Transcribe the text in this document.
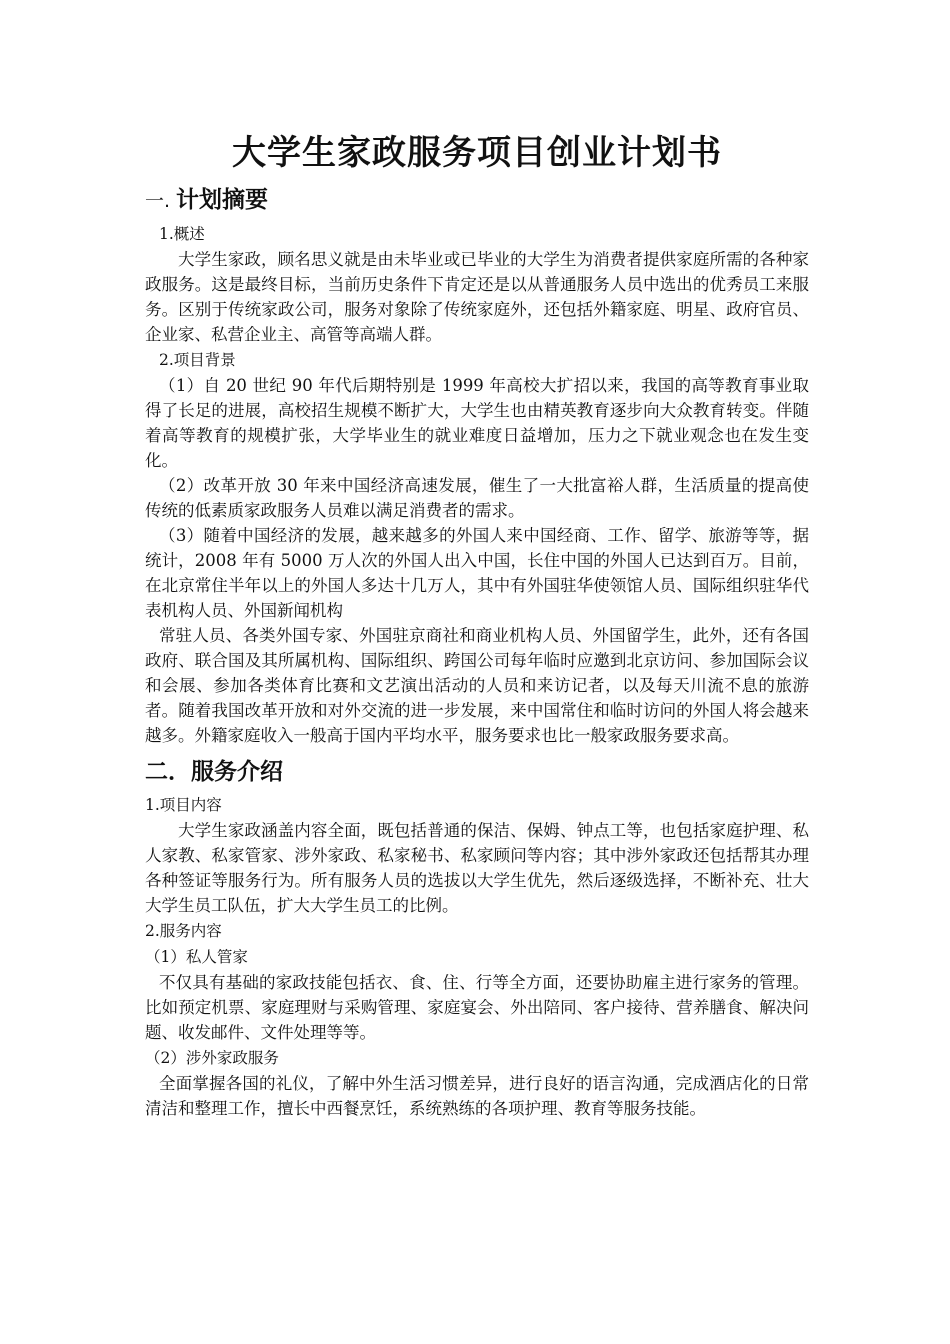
大学生家政服务项目创业计划书
一. 计划摘要
1.概述

大学生家政，顾名思义就是由未毕业或已毕业的大学生为消费者提供家庭所需的各种家政服务。这是最终目标，当前历史条件下肯定还是以从普通服务人员中选出的优秀员工来服务。区别于传统家政公司，服务对象除了传统家庭外，还包括外籍家庭、明星、政府官员、企业家、私营企业主、高管等高端人群。

2.项目背景

（1）自 20 世纪 90 年代后期特别是 1999 年高校大扩招以来，我国的高等教育事业取得了长足的进展，高校招生规模不断扩大，大学生也由精英教育逐步向大众教育转变。伴随着高等教育的规模扩张，大学毕业生的就业难度日益增加，压力之下就业观念也在发生变化。

（2）改革开放 30 年来中国经济高速发展，催生了一大批富裕人群，生活质量的提高使传统的低素质家政服务人员难以满足消费者的需求。

（3）随着中国经济的发展，越来越多的外国人来中国经商、工作、留学、旅游等等，据统计，2008 年有 5000 万人次的外国人出入中国，长住中国的外国人已达到百万。目前，在北京常住半年以上的外国人多达十几万人，其中有外国驻华使领馆人员、国际组织驻华代表机构人员、外国新闻机构

常驻人员、各类外国专家、外国驻京商社和商业机构人员、外国留学生，此外，还有各国政府、联合国及其所属机构、国际组织、跨国公司每年临时应邀到北京访问、参加国际会议和会展、参加各类体育比赛和文艺演出活动的人员和来访记者，以及每天川流不息的旅游者。随着我国改革开放和对外交流的进一步发展，来中国常住和临时访问的外国人将会越来越多。外籍家庭收入一般高于国内平均水平，服务要求也比一般家政服务要求高。

二．服务介绍
1.项目内容

大学生家政涵盖内容全面，既包括普通的保洁、保姆、钟点工等，也包括家庭护理、私人家教、私家管家、涉外家政、私家秘书、私家顾问等内容；其中涉外家政还包括帮其办理各种签证等服务行为。所有服务人员的选拔以大学生优先，然后逐级选择，不断补充、壮大大学生员工队伍，扩大大学生员工的比例。

2.服务内容
（1）私人管家

不仅具有基础的家政技能包括衣、食、住、行等全方面，还要协助雇主进行家务的管理。比如预定机票、家庭理财与采购管理、家庭宴会、外出陪同、客户接待、营养膳食、解决问题、收发邮件、文件处理等等。

（2）涉外家政服务

全面掌握各国的礼仪，了解中外生活习惯差异，进行良好的语言沟通，完成酒店化的日常清洁和整理工作，擅长中西餐烹饪，系统熟练的各项护理、教育等服务技能。
